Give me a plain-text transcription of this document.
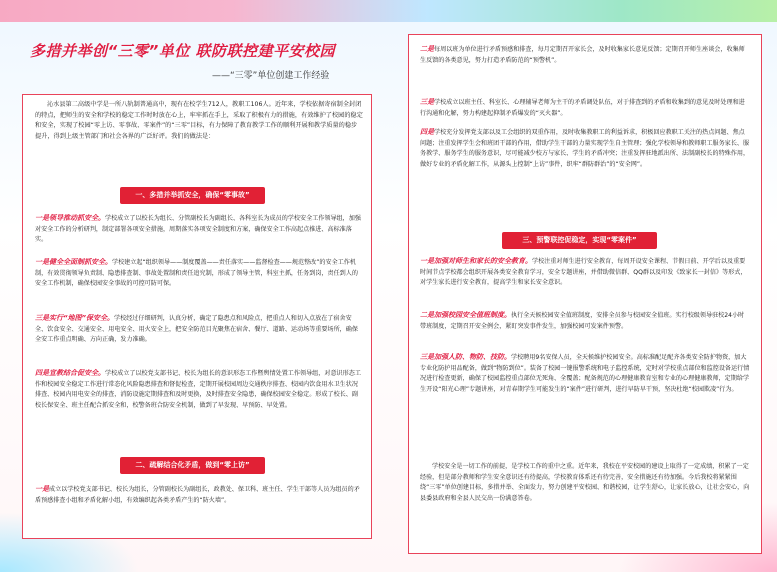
多措并举创“三零”单位 联防联控建平安校园
——“三零”单位创建工作经验
沁水县第二高级中学是一所八轨制普通高中，现有在校学生712人，教职工106人。近年来，学校依据寄宿制全封闭的特点，把师生的安全和学校的稳定工作时时放在心上，牢牢抓在手上，采取了积极有力的措施，有效维护了校园的稳定和安全，实现了校园“零上访、零事故、零案件”的“三零”目标，有力保障了教育教学工作的顺利开展和教学质量的稳步提升，得到上级主管部门和社会各界的广泛好评。我们的做法是：
一、多措并举抓安全，确保“零事故”
一是领导推动抓安全。学校成立了以校长为组长、分管副校长为副组长、各科室长为成员的学校安全工作领导组，加强对安全工作的分析研判，制定部署各项安全措施，周期落实各项安全制度和方案，确保安全工作高起点推进、高标准落实。
一是健全全面制抓安全。学校建立起“组织领导——制度覆盖——责任落实——监督检查——规范整改”的安全工作机制，有效贯彻领导负责制、隐患排查制、事故处置制和责任追究制，形成了领导主管，科室主抓，任务到岗，责任到人的安全工作机制，确保校园安全事故的可控可防可保。
三是实行“地图”保安全。学校经过仔细研判，认真分析，确定了隐患点和风险点，把重点人和切入点放在了宿舍安全、饮食安全、交通安全、用电安全、用火安全上，把安全防范目光聚焦在宿舍、餐厅、道路、运动场等重要场所，确保全安工作重点明确、方向正确，发力准确。
四是宣教结合促安全。学校成立了以校党支部书记、校长为组长的意识形态工作暨舆情处置工作领导组，对意识形态工作和校园安全稳定工作进行常态化风险隐患排查和督促检查，定期开展校园周边交通秩序排查、校园内饮食用水卫生状况排查、校园内用电安全的排查，消防设施定期排查和及时更换，及时排查安全隐患，确保校园安全稳定。形成了校长、副校长保安全、班主任配合抓安全和，校警备班合防安全机制，做到了早发现、早预防、早处置。
二、疏解结合化矛盾，做到“零上访”
一是成立以学校党支部书记、校长为组长，分管副校长为副组长，政教处、保卫科、班主任、学生干部等人员为组员的矛盾预感排查小组和矛盾化解小组，有效编织起各类矛盾产生的“防火墙”。
二是每周以班为单位进行矛盾预感和排查，每月定期召开家长会，及时收集家长意见反馈；定期召开师生座谈会，收集师生反馈的各类意见，努力打造矛盾防范的“预警机”。
三是学校成立以班主任、科室长、心理辅导老师为主干的矛盾调处队伍，对于排查到的矛盾和收集到的意见及时处理和进行沟通和化解，努力构建起抑制矛盾爆发的“灭火器”。
四是学校充分发挥党支部以及工会组织的双重作用，及时收集教职工的利益诉求，积极回应教职工关注的热点问题、焦点问题；注重发挥学生会和班团干部的作用，借助学生干部的力量实现学生自主管理；强化学校领导和教师职工服务家长、服务教学、服务学生的服务意识，尽可能减少校方与家长、学生的矛盾冲突；注重发挥驻地派出所、法制副校长的特殊作用，做好专业的矛盾化解工作，从源头上控制“上访”事件，织牢“群防群治”的“安全网”。
三、预警联控促稳定，实现“零案件”
一是加强对师生和家长的安全教育。学校注重对师生进行安全教育，每周开设安全课程、节假日前、开学后以及重要时间节点学校都会组织开展各类安全教育学习，安全专题讲座，并借助微信群、QQ群以及印发《致家长一封信》等形式，对学生家长进行安全教育，提高学生和家长安全意识。
二是加强校园安全值班制度。执行全天候校园安全值班制度，安排全员参与校园安全值班。实行校级领导驻校24小时带班制度，定期召开安全例会，紧盯突发事件发生，加强校园可发案件预警。
三是加强人防、物防、技防。学校聘用9名安保人员，全天候维护校园安全。高标准配足配齐各类安全防护物资，加大专业化防护用品配备，做到“物防到位”。装备了校园一键报警系统和电子监控系统，定时对学校重点部位和监控设备运行情况进行检查更新，确保了校园监控重点部位无死角、全覆盖；配备规范的心理健康教育室和专业的心理健康教师，定期给学生开设“阳光心理”专题讲座，对青春期学生可能发生的“案件”进行研判，进行早防早干预，坚决杜绝“校园欺凌”行为。
学校安全是一切工作的前提，是学校工作的重中之重。近年来，我校在平安校园的建设上取得了一定成绩，积累了一定经验，但是部分教师和学生安全意识还有待提高，学校教育体系还有待完善，安全措施还有待加强。今后我校将紧紧围绕“三零”单位创建目标，多措并举、全面发力，努力创建平安校园、和谐校园，让学生舒心，让家长放心，让社会安心，向县委县政府和全县人民交出一份满意答卷。
